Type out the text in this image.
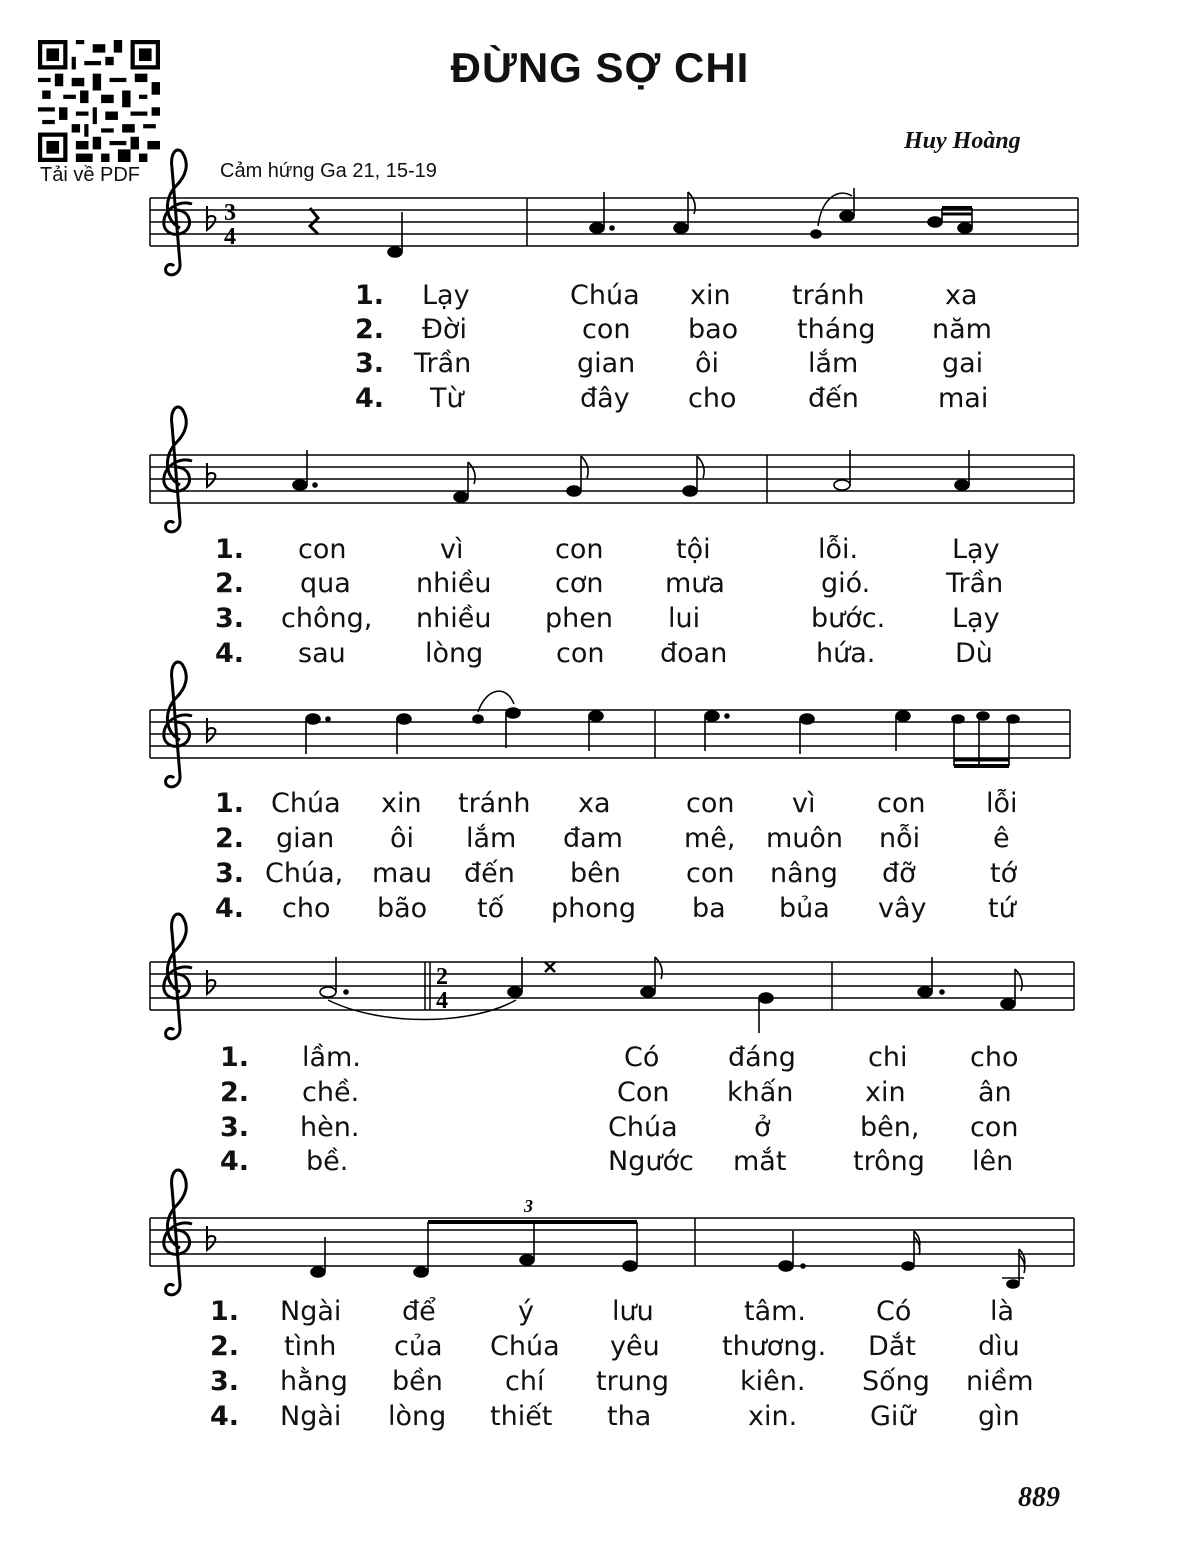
Tải về PDF
ĐỪNG SỢ CHI
Huy Hoàng
Cảm hứng Ga 21, 15-19
3
4
2
4
3
1. Lạy	Chúa xin tránh	xa
2. Đời	con bao tháng năm
3. Trần	gian ôi	lắm	gai
4. Từ	đây cho	đến	mai
1. con	vì	con	tội	lỗi.	Lạy
2. qua nhiều cơn mưa	gió.	Trần
3. chông, nhiều phen lui	bước. Lạy
4. sau	lòng	con đoan	hứa.	Dù
1. Chúa xin tránh xa	con vì con lỗi
2. gian ôi lắm đam mê, muôn nỗi	ê
3. Chúa, mau đến bên con nâng đỡ	tớ
4. cho bão tố phong ba bủa vây tứ
1. lầm.	Có	đáng	chi cho
2. chề.	Con khấn	xin	ân
3. hèn.	Chúa	ở	bên, con
4. bề.	Ngước mắt trông lên
1. Ngài để	ý	lưu	tâm.	Có	là
2. tình của Chúa yêu thương. Dắt dìu
3. hằng bền chí trung	kiên. Sống niềm
4. Ngài lòng thiết tha	xin.	Giữ gìn
889
